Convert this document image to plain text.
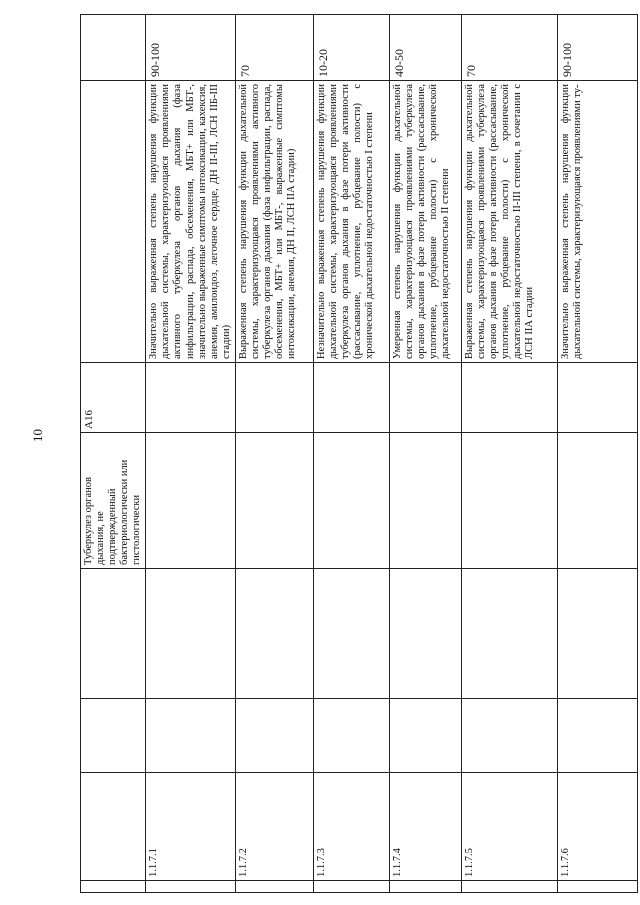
10
				Туберкулез органов дыхания, не подтвержденный бактериологически или гистологически	A16		
	1.1.7.1					Значительно выраженная степень нарушения функции дыхательной системы, характеризующаяся проявлениями активного туберкулеза органов дыхания (фаза инфильтрации, распада, обсеменения, МБТ+ или МБТ-, значительно выраженные симптомы интоксикации, кахексия, анемия, амилоидоз, легочное сердце, ДН II-III, ЛСН IIБ-III стадии)	90-100
	1.1.7.2					Выраженная степень нарушения функции дыхательной системы, характеризующаяся проявлениями активного туберкулеза органов дыхания (фаза инфильтрации, распада, обсеменения, МБТ+ или МБТ-, выраженные симптомы интоксикации, анемия, ДН II, ЛСН IIА стадии)	70
	1.1.7.3					Незначительно выраженная степень нарушения функции дыхательной системы, характеризующаяся проявлениями туберкулеза органов дыхания в фазе потери активности (рассасывание, уплотнение, рубцевание полости) с хронической дыхательной недостаточностью I степени	10-20
	1.1.7.4					Умеренная степень нарушения функции дыхательной системы, характеризующаяся проявлениями туберкулеза органов дыхания в фазе потери активности (рассасывание, уплотнение, рубцевание полости) с хронической дыхательной недостаточностью II степени	40-50
	1.1.7.5					Выраженная степень нарушения функции дыхательной системы, характеризующаяся проявлениями туберкулеза органов дыхания в фазе потери активности (рассасывание, уплотнение, рубцевание полости) с хронической дыхательной недостаточностью II-III степени, в сочетании с ЛСН IIА стадии	70
	1.1.7.6					Значительно выраженная степень нарушения функции дыхательной системы, характеризующаяся проявлениями ту-	90-100
